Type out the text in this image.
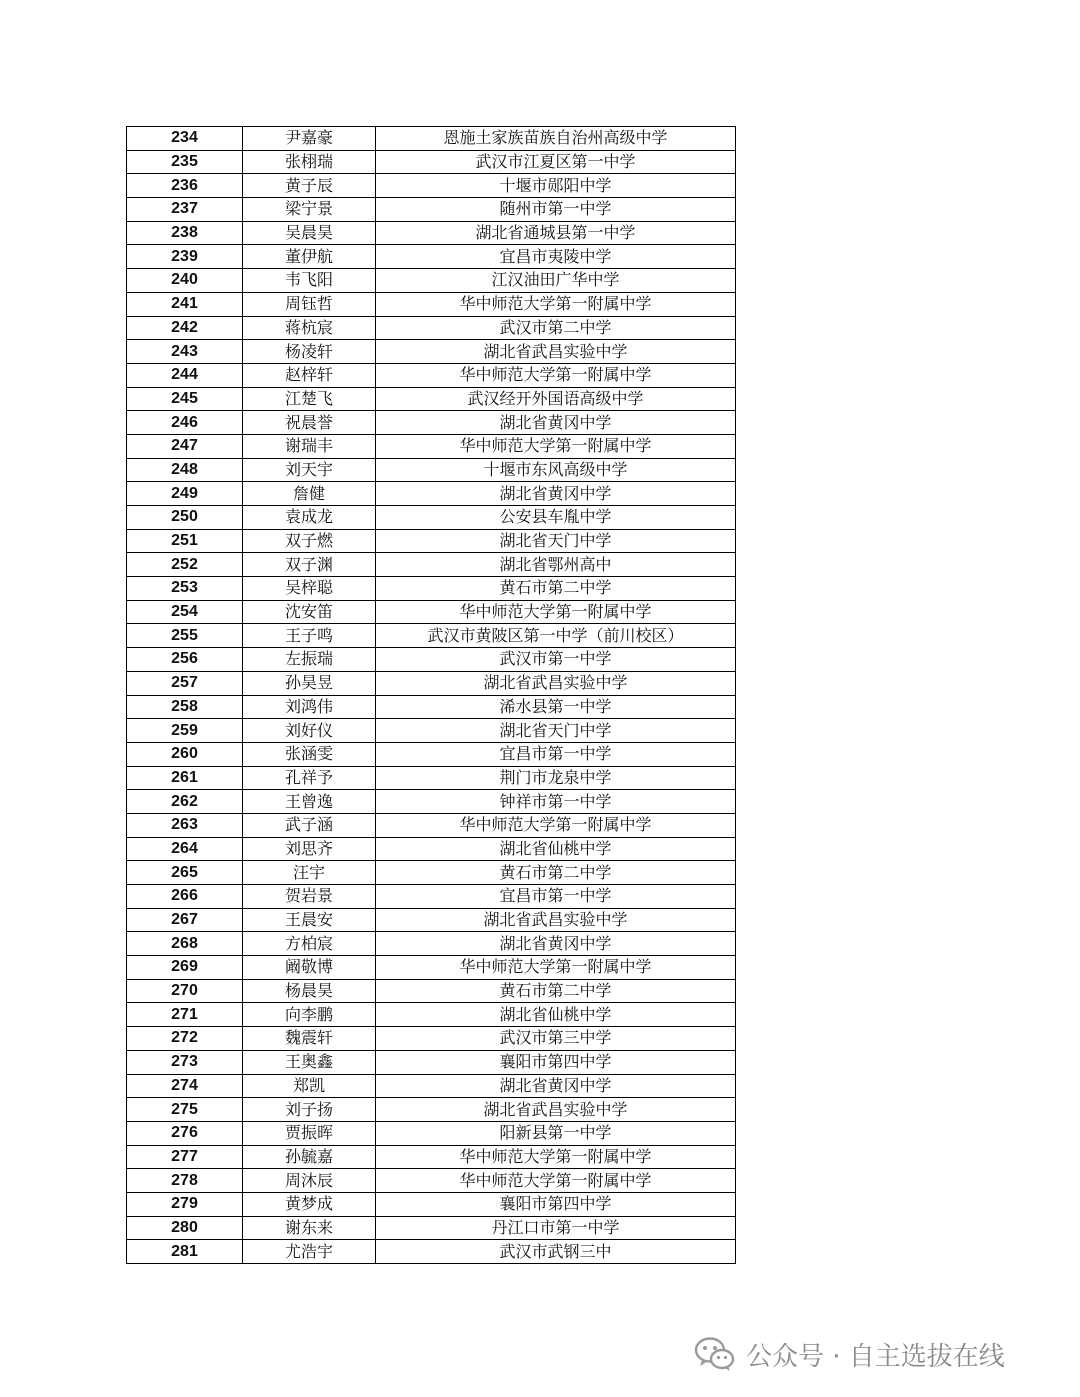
234	尹嘉豪	恩施土家族苗族自治州高级中学
235	张栩瑞	武汉市江夏区第一中学
236	黄子辰	十堰市郧阳中学
237	梁宁景	随州市第一中学
238	吴晨昊	湖北省通城县第一中学
239	董伊航	宜昌市夷陵中学
240	韦飞阳	江汉油田广华中学
241	周钰哲	华中师范大学第一附属中学
242	蒋杭宸	武汉市第二中学
243	杨凌轩	湖北省武昌实验中学
244	赵梓轩	华中师范大学第一附属中学
245	江楚飞	武汉经开外国语高级中学
246	祝晨誉	湖北省黄冈中学
247	谢瑞丰	华中师范大学第一附属中学
248	刘天宇	十堰市东风高级中学
249	詹健	湖北省黄冈中学
250	袁成龙	公安县车胤中学
251	双子燃	湖北省天门中学
252	双子渊	湖北省鄂州高中
253	吴梓聪	黄石市第二中学
254	沈安笛	华中师范大学第一附属中学
255	王子鸣	武汉市黄陂区第一中学（前川校区）
256	左振瑞	武汉市第一中学
257	孙昊昱	湖北省武昌实验中学
258	刘鸿伟	浠水县第一中学
259	刘好仪	湖北省天门中学
260	张涵雯	宜昌市第一中学
261	孔祥予	荆门市龙泉中学
262	王曾逸	钟祥市第一中学
263	武子涵	华中师范大学第一附属中学
264	刘思齐	湖北省仙桃中学
265	汪宇	黄石市第二中学
266	贺岩景	宜昌市第一中学
267	王晨安	湖北省武昌实验中学
268	方柏宸	湖北省黄冈中学
269	阚敬博	华中师范大学第一附属中学
270	杨晨昊	黄石市第二中学
271	向李鹏	湖北省仙桃中学
272	魏震轩	武汉市第三中学
273	王奥鑫	襄阳市第四中学
274	郑凯	湖北省黄冈中学
275	刘子扬	湖北省武昌实验中学
276	贾振晖	阳新县第一中学
277	孙毓嘉	华中师范大学第一附属中学
278	周沐辰	华中师范大学第一附属中学
279	黄梦成	襄阳市第四中学
280	谢东来	丹江口市第一中学
281	尤浩宇	武汉市武钢三中
公众号 · 自主选拔在线
